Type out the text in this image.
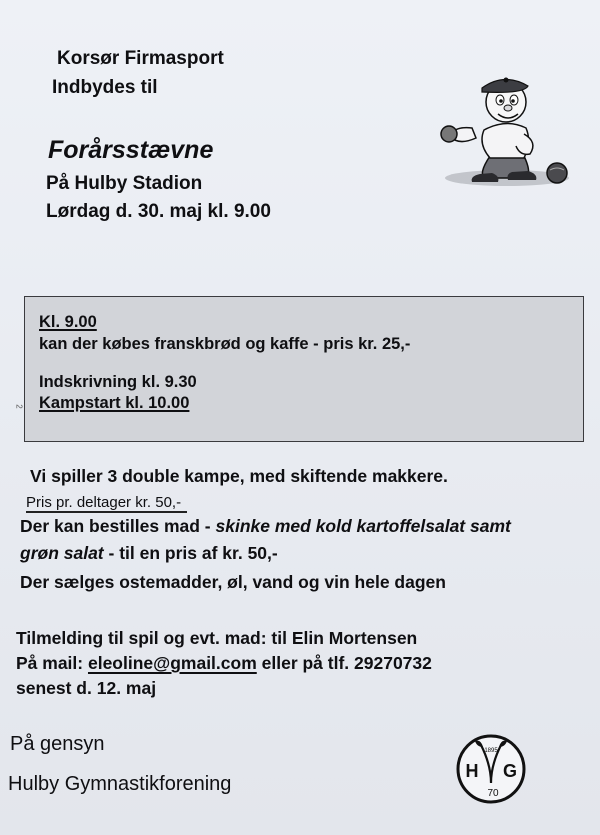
Korsør Firmasport
Indbydes til
Forårsstævne
På Hulby Stadion
Lørdag d. 30. maj kl. 9.00
Kl. 9.00
kan der købes franskbrød og kaffe - pris kr. 25,-
Indskrivning kl. 9.30
Kampstart kl. 10.00
2
Vi spiller 3 double kampe, med skiftende makkere.
Pris pr. deltager kr. 50,-
Der kan bestilles mad - skinke med kold kartoffelsalat samt
grøn salat - til en pris af kr. 50,-
Der sælges ostemadder, øl, vand og vin hele dagen
Tilmelding til spil og evt. mad: til Elin Mortensen
På mail: eleoline@gmail.com eller på tlf. 29270732
senest d. 12. maj
På gensyn
Hulby Gymnastikforening
1895
H G
70
